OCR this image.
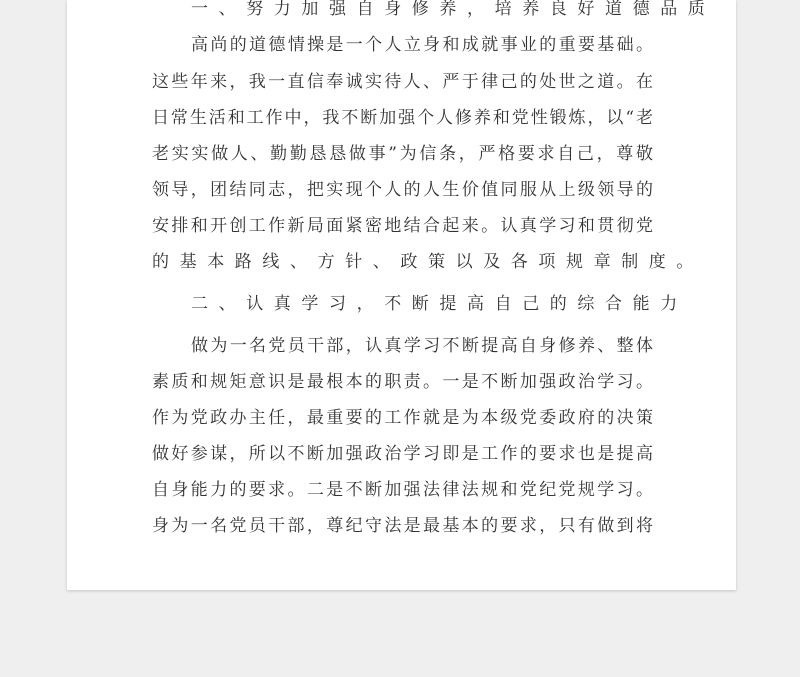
一、努力加强自身修养，培养良好道德品质
高尚的道德情操是一个人立身和成就事业的重要基础。
这些年来，我一直信奉诚实待人、严于律己的处世之道。在
日常生活和工作中，我不断加强个人修养和党性锻炼，以“老
老实实做人、勤勤恳恳做事”为信条，严格要求自己，尊敬
领导，团结同志，把实现个人的人生价值同服从上级领导的
安排和开创工作新局面紧密地结合起来。认真学习和贯彻党
的基本路线、方针、政策以及各项规章制度。
二、认真学习，不断提高自己的综合能力
做为一名党员干部，认真学习不断提高自身修养、整体
素质和规矩意识是最根本的职责。一是不断加强政治学习。
作为党政办主任，最重要的工作就是为本级党委政府的决策
做好参谋，所以不断加强政治学习即是工作的要求也是提高
自身能力的要求。二是不断加强法律法规和党纪党规学习。
身为一名党员干部，尊纪守法是最基本的要求，只有做到将
